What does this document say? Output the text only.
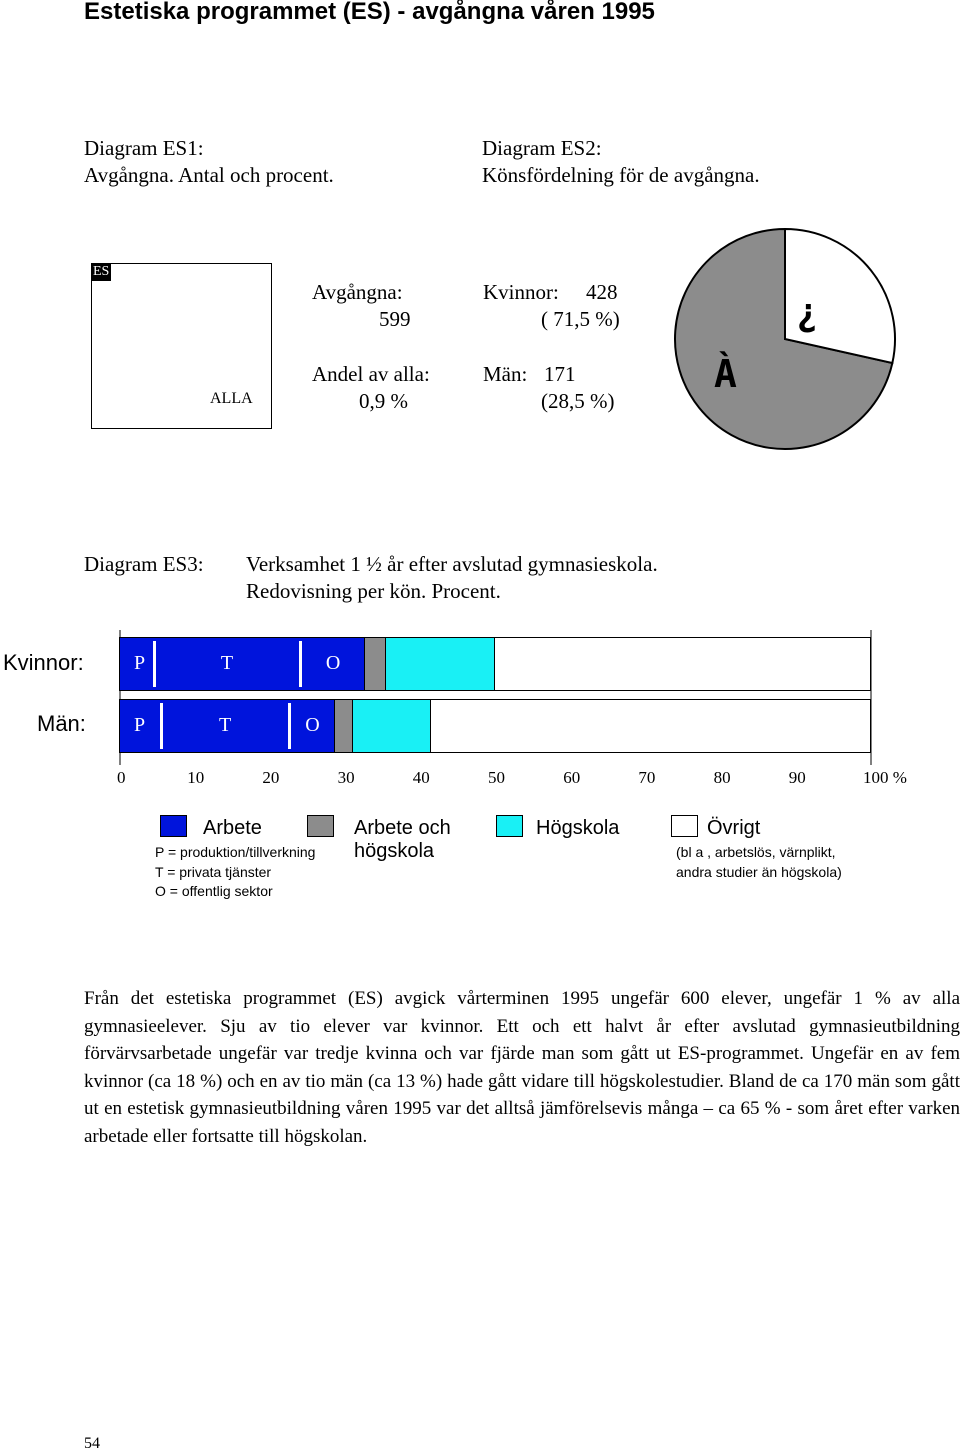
Estetiska programmet (ES) - avgångna våren 1995
Diagram ES1:
Avgångna. Antal och procent.
Diagram ES2:
Könsfördelning för de avgångna.
ES
ALLA
Avgångna:
599
Andel av alla:
0,9 %
Kvinnor: 428
( 71,5 %)
Män: 171
(28,5 %)
À
¿
Diagram ES3: Verksamhet 1 ½ år efter avslutad gymnasieskola.
Redovisning per kön. Procent.
Kvinnor:
Män:
P	T	O
P	T	O
0	10	20	30	40	50	60	70	80	90	100 %
Arbete
P = produktion/tillverkning
T = privata tjänster
O = offentlig sektor
Arbete och
högskola
Högskola	Övrigt
(bl a , arbetslös, värnplikt,
andra studier än högskola)
Från det estetiska programmet (ES) avgick vårterminen 1995 ungefär 600 elever, ungefär 1 % av alla gymnasieelever. Sju av tio elever var kvinnor. Ett och ett halvt år efter avslutad gymnasieutbildning förvärvsarbetade ungefär var tredje kvinna och var fjärde man som gått ut ES-programmet. Ungefär en av fem kvinnor (ca 18 %) och en av tio män (ca 13 %) hade gått vidare till högskolestudier. Bland de ca 170 män som gått ut en estetisk gymnasieutbildning våren 1995 var det alltså jämförelsevis många – ca 65 % - som året efter varken arbetade eller fortsatte till högskolan.
54
